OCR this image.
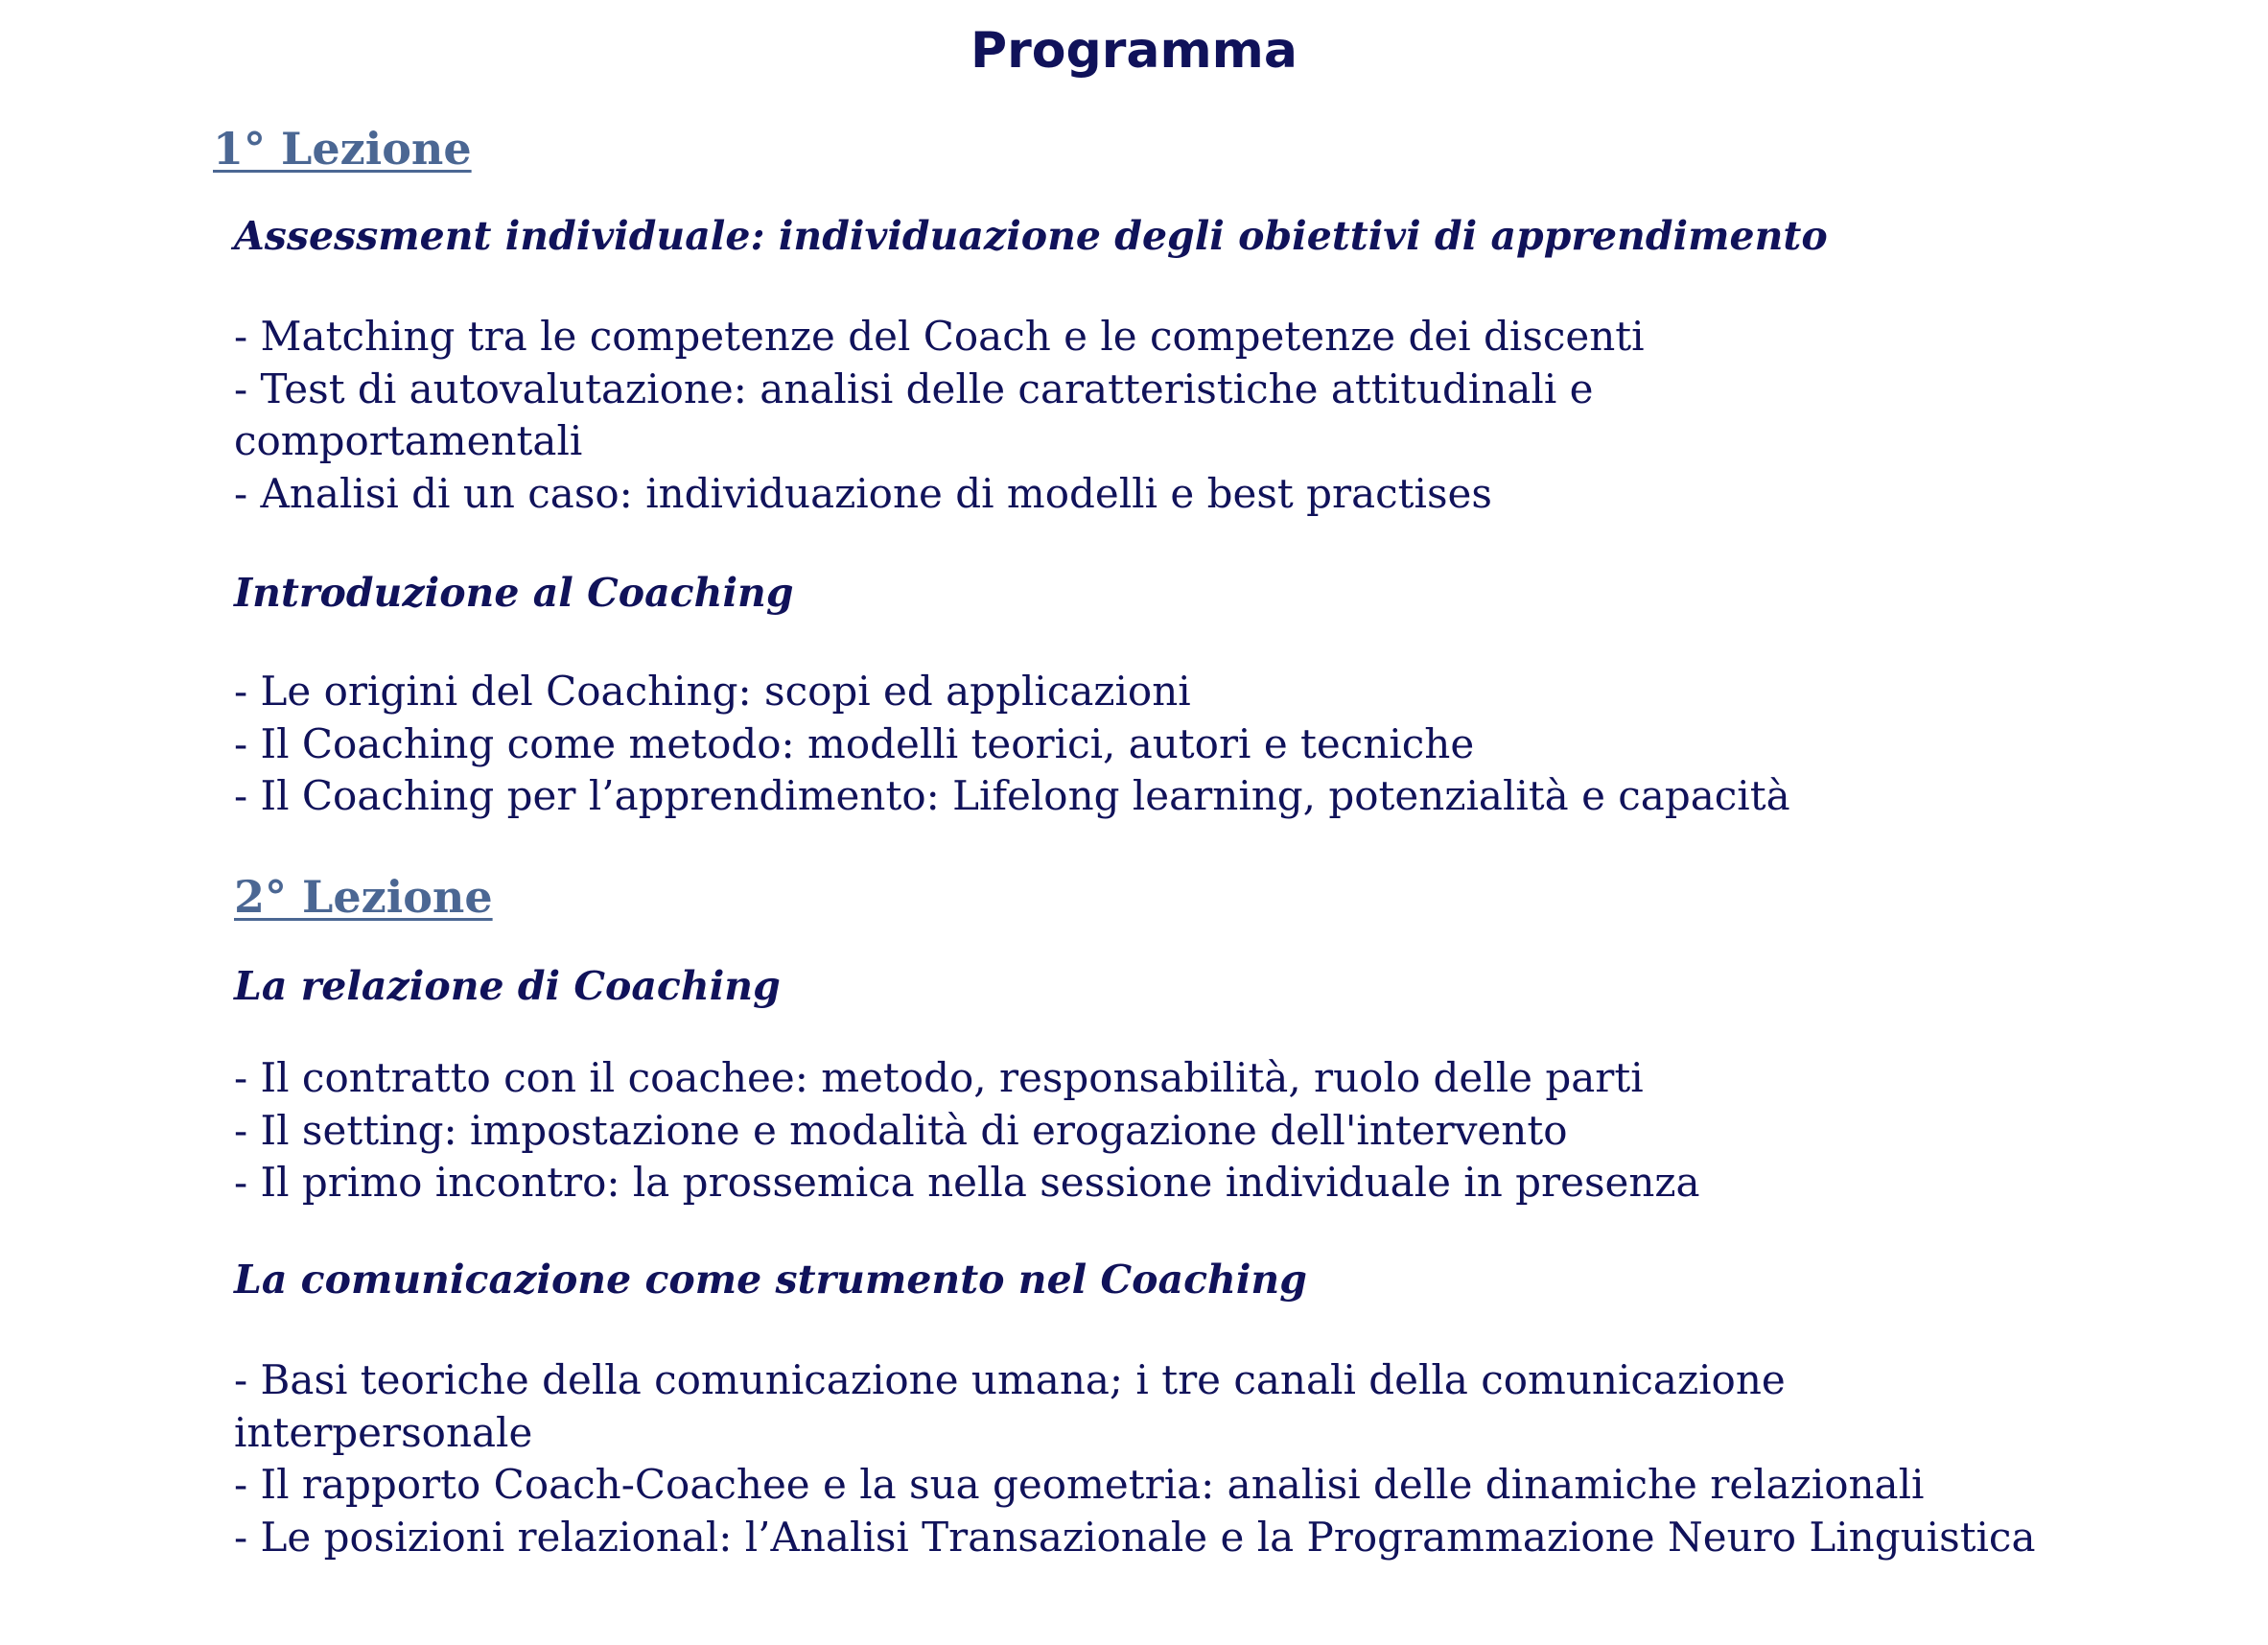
Programma
1° Lezione
Assessment individuale: individuazione degli obiettivi di apprendimento
- Matching tra le competenze del Coach e le competenze dei discenti
- Test di autovalutazione: analisi delle caratteristiche attitudinali e comportamentali
- Analisi di un caso: individuazione di modelli e best practises
Introduzione al Coaching
- Le origini del Coaching: scopi ed applicazioni
- Il Coaching come metodo: modelli teorici, autori e tecniche
- Il Coaching per l’apprendimento: Lifelong learning, potenzialità e capacità
2° Lezione
La relazione di Coaching
- Il contratto con il coachee: metodo, responsabilità, ruolo delle parti
- Il setting: impostazione e modalità di erogazione dell'intervento
- Il primo incontro: la prossemica nella sessione individuale in presenza
La comunicazione come strumento nel Coaching
- Basi teoriche della comunicazione umana; i tre canali della comunicazione interpersonale
- Il rapporto Coach-Coachee e la sua geometria: analisi delle dinamiche relazionali
- Le posizioni relazional: l’Analisi Transazionale e la Programmazione Neuro Linguistica
